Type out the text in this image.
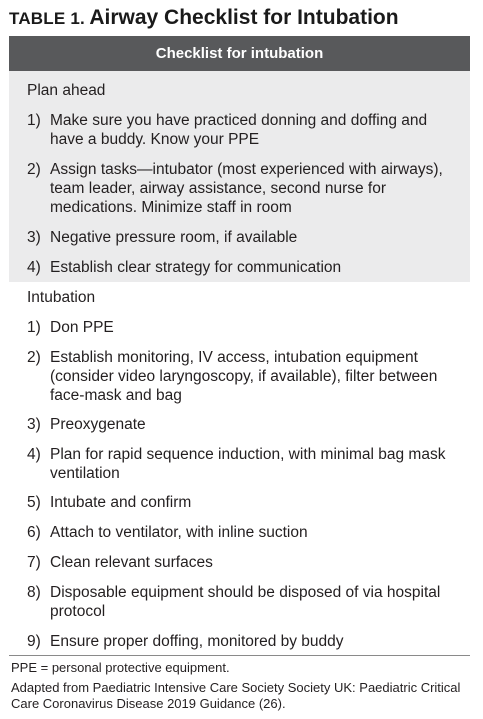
TABLE 1. Airway Checklist for Intubation
Checklist for intubation
Plan ahead
1) Make sure you have practiced donning and doffing and have a buddy. Know your PPE
2) Assign tasks—intubator (most experienced with airways), team leader, airway assistance, second nurse for medications. Minimize staff in room
3) Negative pressure room, if available
4) Establish clear strategy for communication
Intubation
1) Don PPE
2) Establish monitoring, IV access, intubation equipment (consider video laryngoscopy, if available), filter between face-mask and bag
3) Preoxygenate
4) Plan for rapid sequence induction, with minimal bag mask ventilation
5) Intubate and confirm
6) Attach to ventilator, with inline suction
7) Clean relevant surfaces
8) Disposable equipment should be disposed of via hospital protocol
9) Ensure proper doffing, monitored by buddy
PPE = personal protective equipment.
Adapted from Paediatric Intensive Care Society Society UK: Paediatric Critical Care Coronavirus Disease 2019 Guidance (26).
